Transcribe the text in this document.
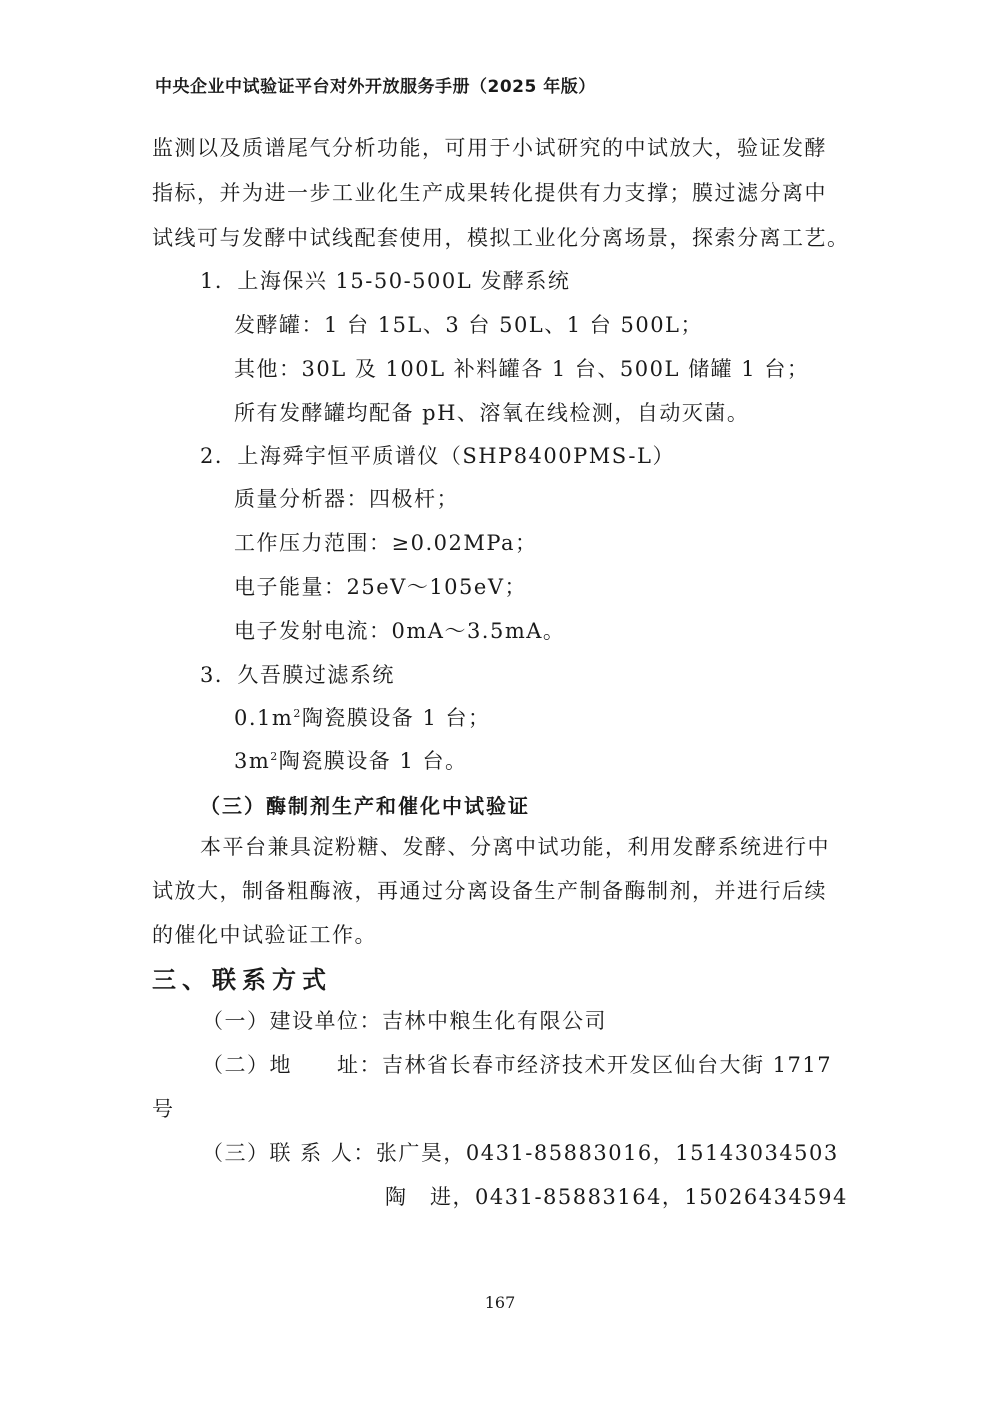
中央企业中试验证平台对外开放服务手册（2025 年版）
监测以及质谱尾气分析功能，可用于小试研究的中试放大，验证发酵
指标，并为进一步工业化生产成果转化提供有力支撑；膜过滤分离中
试线可与发酵中试线配套使用，模拟工业化分离场景，探索分离工艺。
1．上海保兴 15-50-500L 发酵系统
发酵罐：1 台 15L、3 台 50L、1 台 500L；
其他：30L 及 100L 补料罐各 1 台、500L 储罐 1 台；
所有发酵罐均配备 pH、溶氧在线检测，自动灭菌。
2．上海舜宇恒平质谱仪（SHP8400PMS-L）
质量分析器：四极杆；
工作压力范围：≥0.02MPa；
电子能量：25eV～105eV；
电子发射电流：0mA～3.5mA。
3．久吾膜过滤系统
$0.1m^2$陶瓷膜设备 1 台；
$3m^2$陶瓷膜设备 1 台。
（三）酶制剂生产和催化中试验证
本平台兼具淀粉糖、发酵、分离中试功能，利用发酵系统进行中
试放大，制备粗酶液，再通过分离设备生产制备酶制剂，并进行后续
的催化中试验证工作。
三、联系方式
（一）建设单位：吉林中粮生化有限公司
（二）地　　址：吉林省长春市经济技术开发区仙台大街 1717
号
（三）联 系 人：张广昊，0431-85883016，15143034503
陶　进，0431-85883164，15026434594
167
